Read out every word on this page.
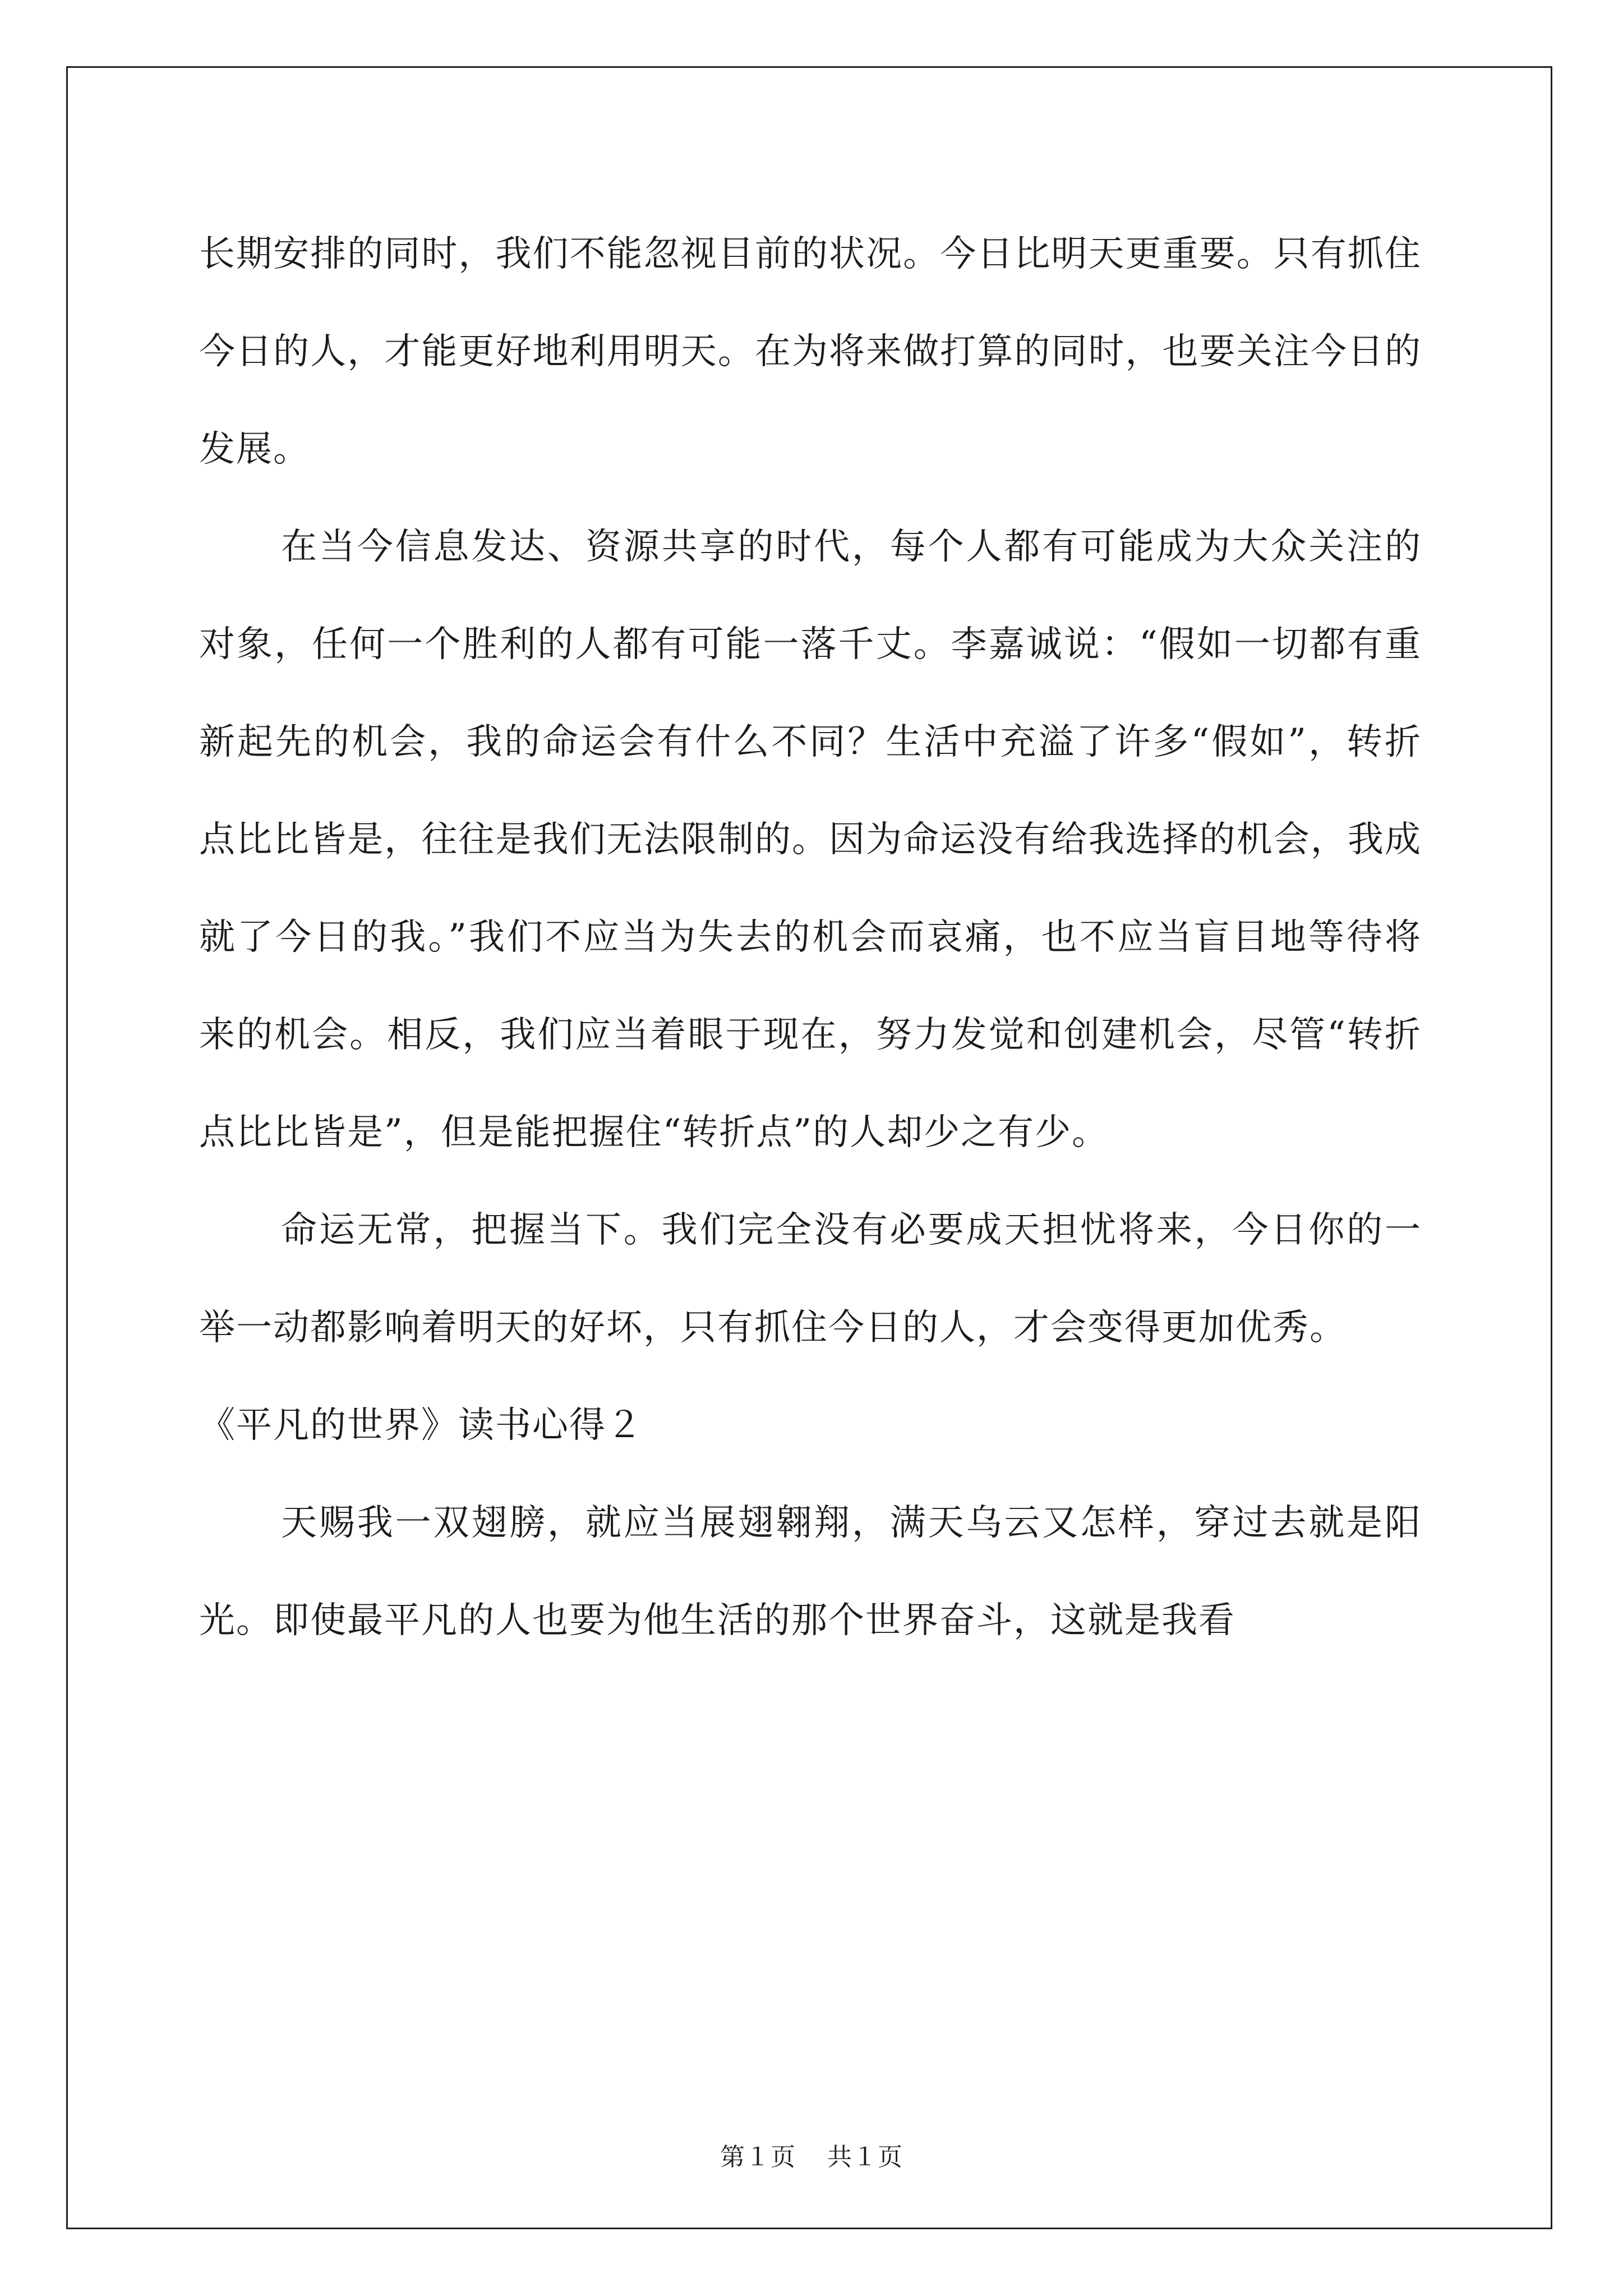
长期安排的同时，我们不能忽视目前的状况。今日比明天更重要。只有抓住今日的人，才能更好地利用明天。在为将来做打算的同时，也要关注今日的发展。

在当今信息发达、资源共享的时代，每个人都有可能成为大众关注的对象，任何一个胜利的人都有可能一落千丈。李嘉诚说：“假如一切都有重新起先的机会，我的命运会有什么不同？生活中充溢了许多“假如”，转折点比比皆是，往往是我们无法限制的。因为命运没有给我选择的机会，我成就了今日的我。”我们不应当为失去的机会而哀痛，也不应当盲目地等待将来的机会。相反，我们应当着眼于现在，努力发觉和创建机会，尽管“转折点比比皆是”，但是能把握住“转折点”的人却少之有少。

命运无常，把握当下。我们完全没有必要成天担忧将来，今日你的一举一动都影响着明天的好坏，只有抓住今日的人，才会变得更加优秀。

《平凡的世界》读书心得２

天赐我一双翅膀，就应当展翅翱翔，满天乌云又怎样，穿过去就是阳光。即使最平凡的人也要为他生活的那个世界奋斗，这就是我看

第１页 共１页
